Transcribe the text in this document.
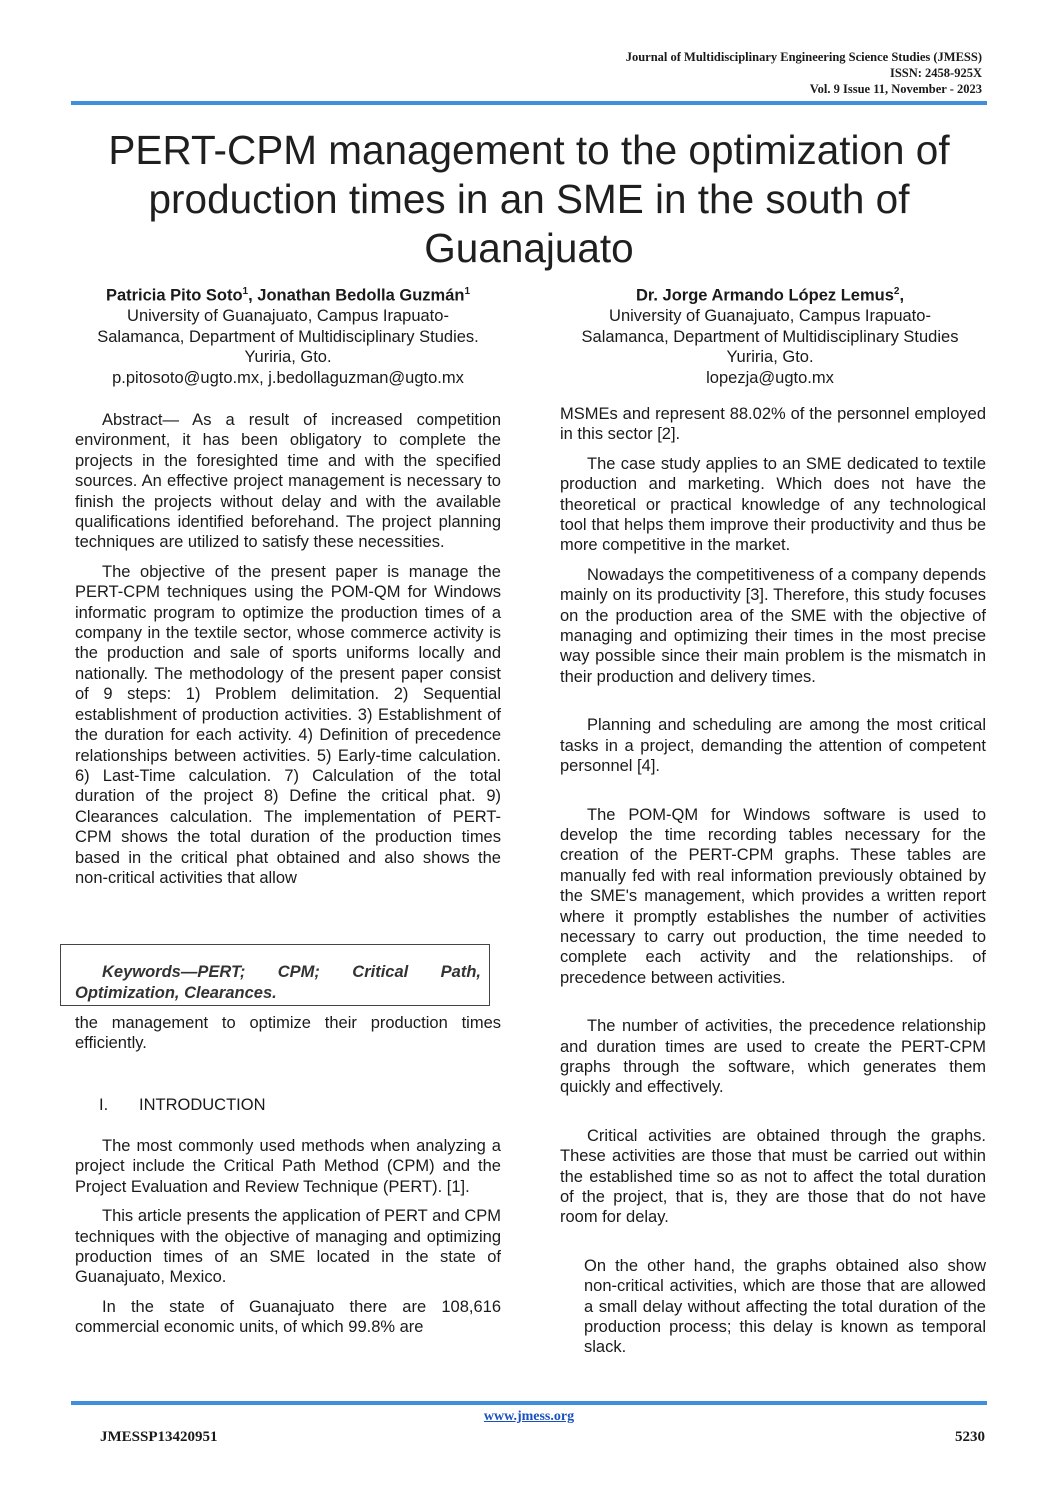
Journal of Multidisciplinary Engineering Science Studies (JMESS)
ISSN: 2458-925X
Vol. 9 Issue 11, November - 2023
PERT-CPM management to the optimization of production times in an SME in the south of Guanajuato
Patricia Pito Soto$^1$, Jonathan Bedolla Guzmán$^1$
University of Guanajuato, Campus Irapuato-
Salamanca, Department of Multidisciplinary Studies.
Yuriria, Gto.
p.pitosoto@ugto.mx, j.bedollaguzman@ugto.mx
Dr. Jorge Armando López Lemus$^2$,
University of Guanajuato, Campus Irapuato-
Salamanca, Department of Multidisciplinary Studies
Yuriria, Gto.
lopezja@ugto.mx

Abstract— As a result of increased competition environment, it has been obligatory to complete the projects in the foresighted time and with the specified sources. An effective project management is necessary to finish the projects without delay and with the available qualifications identified beforehand. The project planning techniques are utilized to satisfy these necessities.

The objective of the present paper is manage the PERT-CPM techniques using the POM-QM for Windows informatic program to optimize the production times of a company in the textile sector, whose commerce activity is the production and sale of sports uniforms locally and nationally. The methodology of the present paper consist of 9 steps: 1) Problem delimitation. 2) Sequential establishment of production activities. 3) Establishment of the duration for each activity. 4) Definition of precedence relationships between activities. 5) Early-time calculation. 6) Last-Time calculation. 7) Calculation of the total duration of the project 8) Define the critical phat. 9) Clearances calculation. The implementation of PERT-CPM shows the total duration of the production times based in the critical phat obtained and also shows the non-critical activities that allow

Keywords—PERT; CPM; Critical Path, Optimization, Clearances.

the management to optimize their production times efficiently.

I. INTRODUCTION

The most commonly used methods when analyzing a project include the Critical Path Method (CPM) and the Project Evaluation and Review Technique (PERT). [1].

This article presents the application of PERT and CPM techniques with the objective of managing and optimizing production times of an SME located in the state of Guanajuato, Mexico.

In the state of Guanajuato there are 108,616 commercial economic units, of which 99.8% are

MSMEs and represent 88.02% of the personnel employed in this sector [2].

The case study applies to an SME dedicated to textile production and marketing. Which does not have the theoretical or practical knowledge of any technological tool that helps them improve their productivity and thus be more competitive in the market.

Nowadays the competitiveness of a company depends mainly on its productivity [3]. Therefore, this study focuses on the production area of the SME with the objective of managing and optimizing their times in the most precise way possible since their main problem is the mismatch in their production and delivery times.

Planning and scheduling are among the most critical tasks in a project, demanding the attention of competent personnel [4].

The POM-QM for Windows software is used to develop the time recording tables necessary for the creation of the PERT-CPM graphs. These tables are manually fed with real information previously obtained by the SME's management, which provides a written report where it promptly establishes the number of activities necessary to carry out production, the time needed to complete each activity and the relationships. of precedence between activities.

The number of activities, the precedence relationship and duration times are used to create the PERT-CPM graphs through the software, which generates them quickly and effectively.

Critical activities are obtained through the graphs. These activities are those that must be carried out within the established time so as not to affect the total duration of the project, that is, they are those that do not have room for delay.

On the other hand, the graphs obtained also show non-critical activities, which are those that are allowed a small delay without affecting the total duration of the production process; this delay is known as temporal slack.

www.jmess.org
JMESSP13420951	5230
